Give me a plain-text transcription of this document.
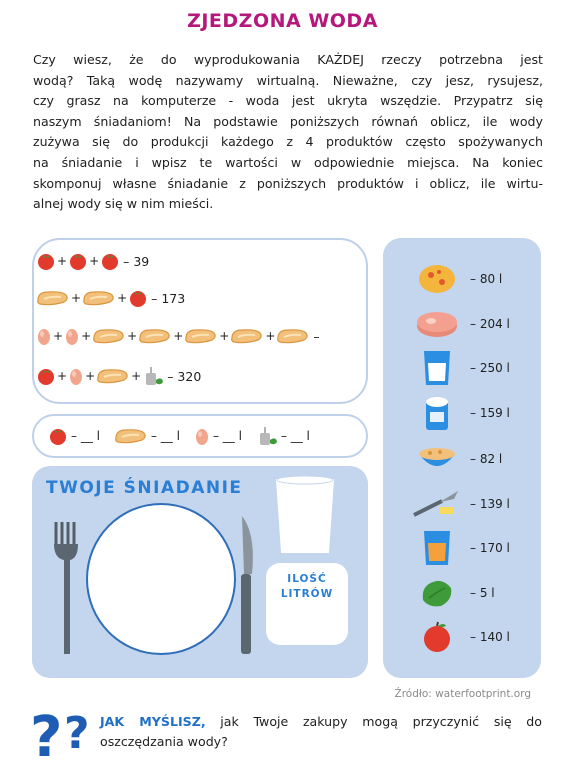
ZJEDZONA WODA

Czy wiesz, że do wyprodukowania KAŻDEJ rzeczy potrzebna jest
wodą? Taką wodę nazywamy wirtualną. Nieważne, czy jesz, rysujesz,
czy grasz na komputerze - woda jest ukryta wszędzie. Przypatrz się
naszym śniadaniom! Na podstawie poniższych równań oblicz, ile wody
zużywa się do produkcji każdego z 4 produktów często spożywanych
na śniadanie i wpisz te wartości w odpowiednie miejsca. Na koniec
skomponuj własne śniadanie z poniższych produktów i oblicz, ile wirtu-
alnej wody się w nim mieści.

+ + – 39
+	+ – 173
+ +	+	+	+	+	–
+ +	+ – 320
– __ l	– __ l	– __ l	– __ l
TWOJE ŚNIADANIE
ILOŚĆ
LITRÓW
– 80 l
– 204 l
– 250 l
– 159 l
– 82 l
– 139 l
– 170 l
– 5 l
– 140 l
Źródło: waterfootprint.org
? ? JAK MYŚLISZ, jak Twoje zakupy mogą przyczynić się do
oszczędzania wody?
